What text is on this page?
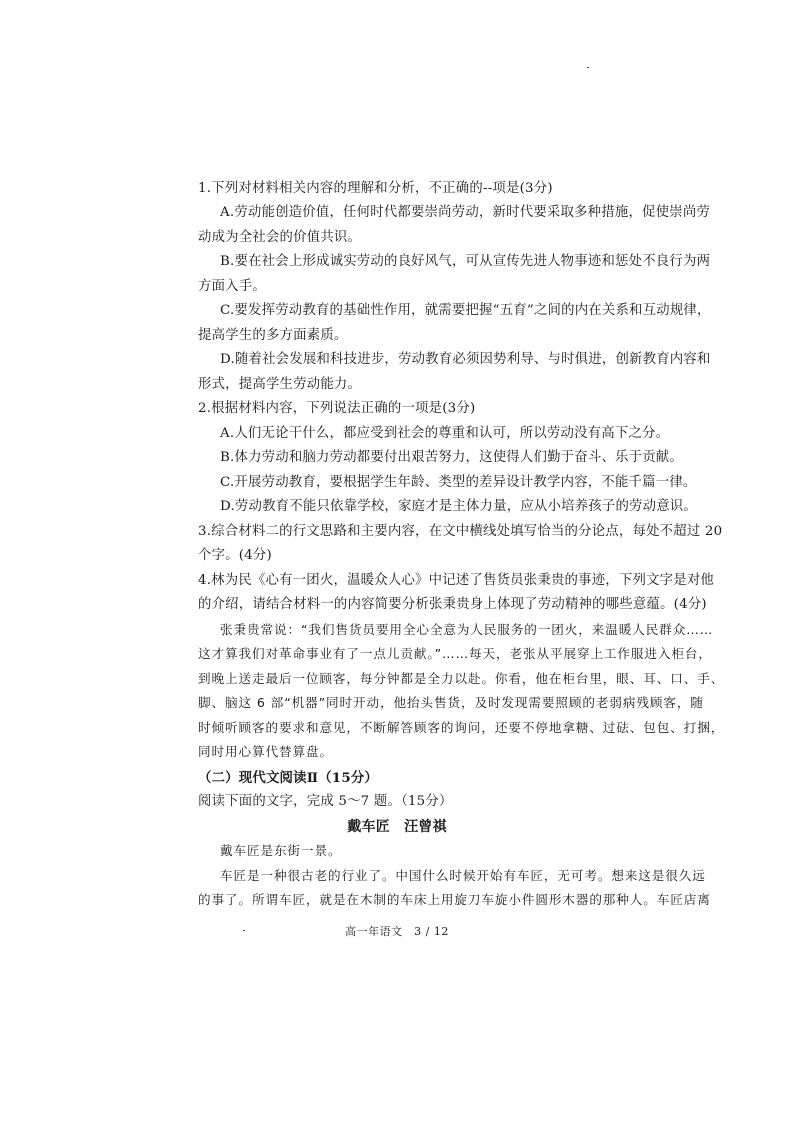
1.下列对材料相关内容的理解和分析，不正确的--项是(3分)
A.劳动能创造价值，任何时代都要崇尚劳动，新时代要采取多种措施，促使崇尚劳
动成为全社会的价值共识。
B.要在社会上形成诚实劳动的良好风气，可从宣传先进人物事迹和惩处不良行为两
方面入手。
C.要发挥劳动教育的基础性作用，就需要把握“五育”之间的内在关系和互动规律，
提高学生的多方面素质。
D.随着社会发展和科技进步，劳动教育必须因势利导、与时俱进，创新教育内容和
形式，提高学生劳动能力。
2.根据材料内容，下列说法正确的一项是(3分)
A.人们无论干什么，都应受到社会的尊重和认可，所以劳动没有高下之分。
B.体力劳动和脑力劳动都要付出艰苦努力，这使得人们勤于奋斗、乐于贡献。
C.开展劳动教育，要根据学生年龄、类型的差异设计教学内容，不能千篇一律。
D.劳动教育不能只依靠学校，家庭才是主体力量，应从小培养孩子的劳动意识。
3.综合材料二的行文思路和主要内容，在文中横线处填写恰当的分论点，每处不超过 20
个字。(4分)
4.林为民《心有一团火，温暖众人心》中记述了售货员张秉贵的事迹，下列文字是对他
的介绍，请结合材料一的内容简要分析张秉贵身上体现了劳动精神的哪些意蕴。(4分)
张秉贵常说：“我们售货员要用全心全意为人民服务的一团火，来温暖人民群众……
这才算我们对革命事业有了一点儿贡献。”……每天，老张从平展穿上工作服进入柜台，
到晚上送走最后一位顾客，每分钟都是全力以赴。你看，他在柜台里，眼、耳、口、手、
脚、脑这 6 部“机器”同时开动，他抬头售货，及时发现需要照顾的老弱病残顾客，随
时倾听顾客的要求和意见，不断解答顾客的询问，还要不停地拿糖、过砝、包包、打捆，
同时用心算代替算盘。
（二）现代文阅读Ⅱ（15分）
阅读下面的文字，完成 5～7 题。（15分）
戴车匠　汪曾祺
戴车匠是东街一景。
车匠是一种很古老的行业了。中国什么时候开始有车匠，无可考。想来这是很久远
的事了。所谓车匠，就是在木制的车床上用旋刀车旋小件圆形木器的那种人。车匠店离
高一年语文　3 / 12
